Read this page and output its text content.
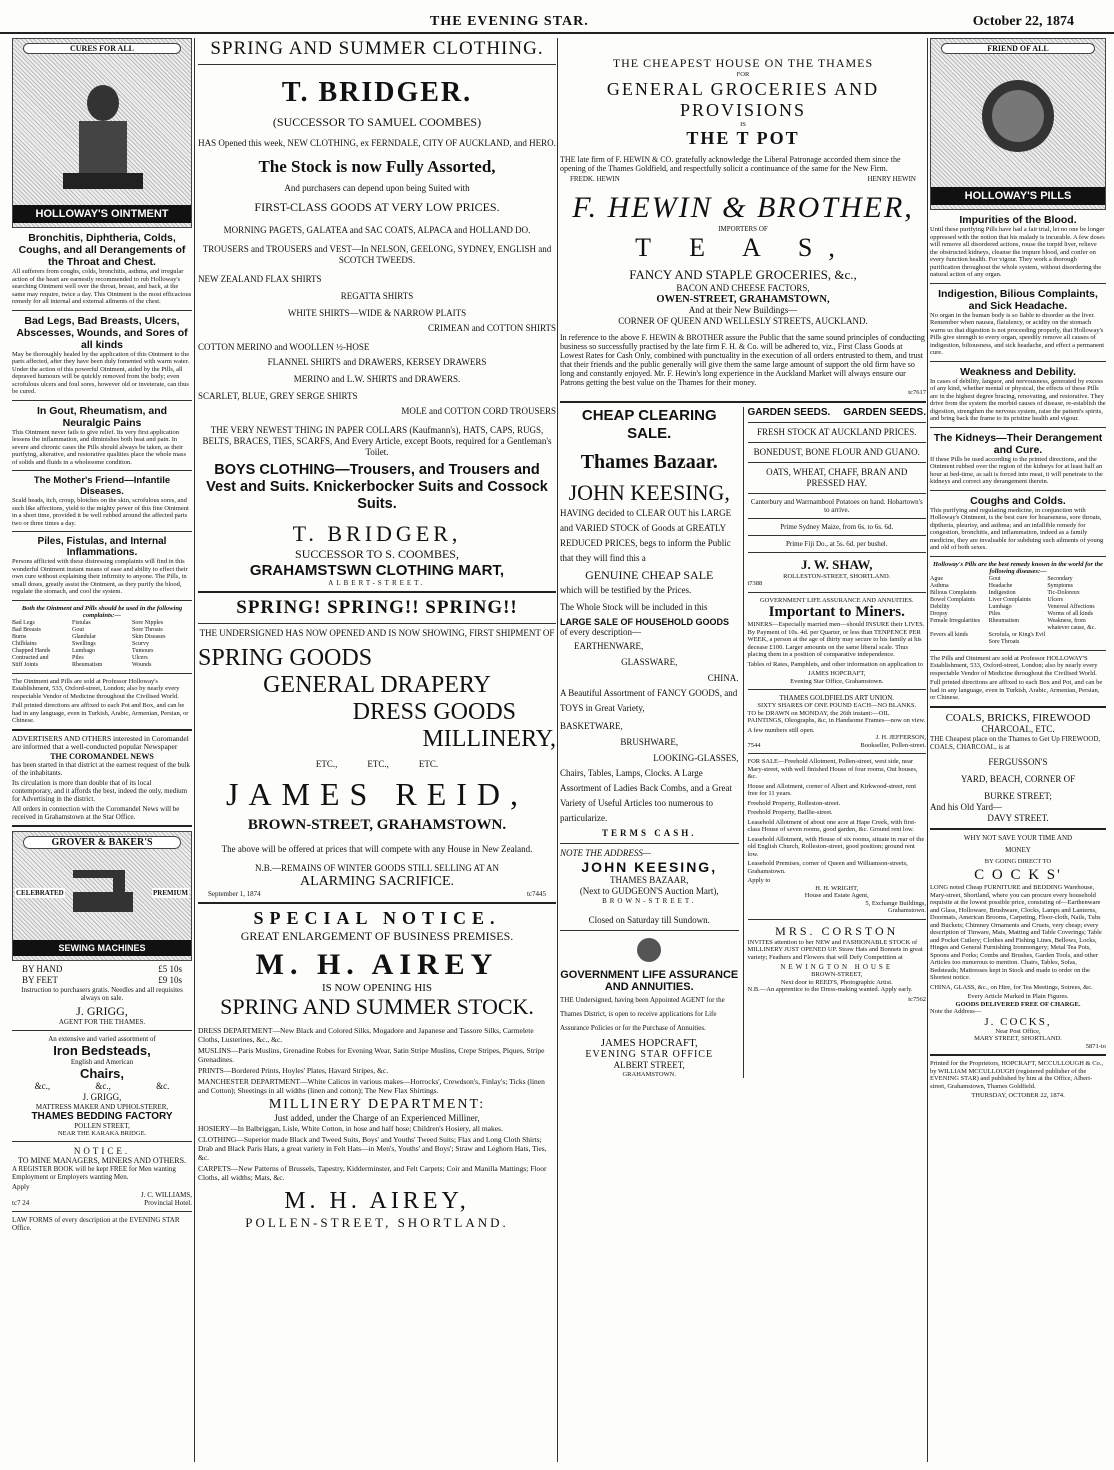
THE EVENING STAR.	October 22, 1874
CURES FOR ALL
HOLLOWAY'S OINTMENT
Bronchitis, Diphtheria, Colds, Coughs, and all Derangements of the Throat and Chest.

All sufferers from coughs, colds, bronchitis, asthma, and irregular action of the heart are earnestly recommended to rub Holloway's searching Ointment well over the throat, breast, and back, at the same may require, twice a day. This Ointment is the most efficacious remedy for all internal and external ailments of the chest.

Bad Legs, Bad Breasts, Ulcers, Abscesses, Wounds, and Sores of all kinds

May be thoroughly healed by the application of this Ointment to the parts affected, after they have been duly fomented with warm water. Under the action of this powerful Ointment, aided by the Pills, all depraved humours will be quickly removed from the body; even scrofulous ulcers and foul sores, however old or inveterate, can thus be cured.

In Gout, Rheumatism, and Neuralgic Pains

This Ointment never fails to give relief. Its very first application lessens the inflammation, and diminishes both heat and pain. In severe and chronic cases the Pills should always be taken, as their purifying, alterative, and restorative qualities place the whole mass of solids and fluids in a wholesome condition.

The Mother's Friend—Infantile Diseases.

Scald heads, itch, croup, blotches on the skin, scrofulous sores, and such like affections, yield to the mighty power of this fine Ointment in a short time, provided it be well rubbed around the affected parts two or three times a day.

Piles, Fistulas, and Internal Inflammations.

Persons afflicted with these distressing complaints will find in this wonderful Ointment instant means of ease and ability to effect their own cure without explaining their infirmity to anyone. The Pills, in small doses, greatly assist the Ointment, as they purify the blood, regulate the stomach, and cool the system.

Both the Ointment and Pills should be used in the following complaints:—
Bad Legs	Fistulas	Sore Nipples
Bad Breasts	Gout	Sore Throats
Burns	Glandular	Skin Diseases
Chilblains	Swellings	Scurvy
Chapped Hands	Lumbago	Tumours
Contracted and	Piles	Ulcers
Stiff Joints	Rheumatism	Wounds

The Ointment and Pills are sold at Professor Holloway's Establishment, 533, Oxford-street, London; also by nearly every respectable Vendor of Medicine throughout the Civilised World.

Full printed directions are affixed to each Pot and Box, and can be had in any language, even in Turkish, Arabic, Armenian, Persian, or Chinese.

ADVERTISERS AND OTHERS interested in Coromandel are informed that a well-conducted popular Newspaper

THE COROMANDEL NEWS

has been started in that district at the earnest request of the bulk of the inhabitants.

Its circulation is more than double that of its local contemporary, and it affords the best, indeed the only, medium for Advertising in the district.

All orders in connection with the Coromandel News will be received in Grahamstown at the Star Office.

GROVER & BAKER'S
CELEBRATED	PREMIUM
SEWING MACHINES
BY HAND	£5 10s
BY FEET	£9 10s

Instruction to purchasers gratis. Needles and all requisites always on sale.

J. GRIGG,
AGENT FOR THE THAMES.
An extensive and varied assortment of
Iron Bedsteads,
English and American
Chairs,
&c.,	&c.,	&c.
J. GRIGG,
MATTRESS MAKER AND UPHOLSTERER,
THAMES BEDDING FACTORY
POLLEN STREET,
NEAR THE KARAKA BRIDGE.
NOTICE.
TO MINE MANAGERS, MINERS AND OTHERS.

A REGISTER BOOK will be kept FREE for Men wanting Employment or Employers wanting Men.

Apply
J. C. WILLIAMS,
tc7 24	Provincial Hotel.

LAW FORMS of every description at the EVENING STAR Office.

SPRING AND SUMMER CLOTHING.
T. BRIDGER.
(SUCCESSOR TO SAMUEL COOMBES)

HAS Opened this week, NEW CLOTHING, ex FERNDALE, CITY OF AUCKLAND, and HERO.

The Stock is now Fully Assorted,
And purchasers can depend upon being Suited with
FIRST-CLASS GOODS AT VERY LOW PRICES.
MORNING PAGETS, GALATEA and SAC COATS, ALPACA and HOLLAND DO.
TROUSERS and TROUSERS and VEST—In NELSON, GEELONG, SYDNEY, ENGLISH and SCOTCH TWEEDS.
NEW ZEALAND FLAX SHIRTS
REGATTA SHIRTS
WHITE SHIRTS—WIDE & NARROW PLAITS
CRIMEAN and COTTON SHIRTS
COTTON MERINO and WOOLLEN ½-HOSE
FLANNEL SHIRTS and DRAWERS, KERSEY DRAWERS
MERINO and L.W. SHIRTS and DRAWERS.
SCARLET, BLUE, GREY SERGE SHIRTS
MOLE and COTTON CORD TROUSERS

THE VERY NEWEST THING IN PAPER COLLARS (Kaufmann's), HATS, CAPS, RUGS, BELTS, BRACES, TIES, SCARFS, And Every Article, except Boots, required for a Gentleman's Toilet.

BOYS CLOTHING—Trousers, and Trousers and Vest and Suits. Knickerbocker Suits and Cossock Suits.
T. BRIDGER,
SUCCESSOR TO S. COOMBES,
GRAHAMSTSWN CLOTHING MART,
ALBERT-STREET.
SPRING! SPRING!! SPRING!!

THE UNDERSIGNED HAS NOW OPENED AND IS NOW SHOWING, FIRST SHIPMENT OF

SPRING GOODS
GENERAL DRAPERY
DRESS GOODS
MILLINERY,
ETC.,	ETC.,	ETC.
JAMES REID,
BROWN-STREET, GRAHAMSTOWN.

The above will be offered at prices that will compete with any House in New Zealand.

N.B.—REMAINS OF WINTER GOODS STILL SELLING AT AN
ALARMING SACRIFICE.
September 1, 1874	tc7445
SPECIAL NOTICE.
GREAT ENLARGEMENT OF BUSINESS PREMISES.
M. H. AIREY
IS NOW OPENING HIS
SPRING AND SUMMER STOCK.

DRESS DEPARTMENT—New Black and Colored Silks, Mogadore and Japanese and Tassore Silks, Carmelete Cloths, Lusterines, &c., &c.

MUSLINS—Paris Muslins, Grenadine Robes for Evening Wear, Satin Stripe Muslins, Crepe Stripes, Piques, Stripe Grenadines.

PRINTS—Bordered Prints, Hoyles' Plates, Havard Stripes, &c.

MANCHESTER DEPARTMENT—White Calicos in various makes—Horrocks', Crewdson's, Finlay's; Ticks (linen and Cotton); Sheetings in all widths (linen and cotton); The New Flax Shirtings.

MILLINERY DEPARTMENT:
Just added, under the Charge of an Experienced Milliner,

HOSIERY—In Balbriggan, Lisle, White Cotton, in hose and half hose; Children's Hosiery, all makes.

CLOTHING—Superior made Black and Tweed Suits, Boys' and Youths' Tweed Suits; Flax and Long Cloth Shirts; Drab and Black Paris Hats, a great variety in Felt Hats—in Men's, Youths' and Boys'; Straw and Leghorn Hats, Ties, &c.

CARPETS—New Patterns of Brussels, Tapestry, Kidderminster, and Felt Carpets; Coir and Manilla Mattings; Floor Cloths, all widths; Mats, &c.

M. H. AIREY,
POLLEN-STREET, SHORTLAND.
THE CHEAPEST HOUSE ON THE THAMES
FOR
GENERAL GROCERIES AND PROVISIONS
IS
THE T POT

THE late firm of F. HEWIN & CO. gratefully acknowledge the Liberal Patronage accorded them since the opening of the Thames Goldfield, and respectfully solicit a continuance of the same for the New Firm.

FREDK. HEWIN	HENRY HEWIN
F. HEWIN & BROTHER,
IMPORTERS OF
T E A S,
FANCY AND STAPLE GROCERIES, &c.,
BACON AND CHEESE FACTORS,
OWEN-STREET, GRAHAMSTOWN,
And at their New Buildings—
CORNER OF QUEEN AND WELLESLY STREETS, AUCKLAND.

In reference to the above F. HEWIN & BROTHER assure the Public that the same sound principles of conducting business so successfully practised by the late firm F. H. & Co. will be adhered to, viz., First Class Goods at Lowest Rates for Cash Only, combined with punctuality in the execution of all orders entrusted to them, and trust that their friends and the public generally will give them the same large amount of support the old firm have so long and constantly enjoyed. Mr. F. Hewin's long experience in the Auckland Market will always ensure our Patrons getting the best value on the Thames for their money.

tc7617
CHEAP CLEARING SALE.
Thames Bazaar.
JOHN KEESING,

HAVING decided to CLEAR OUT his LARGE and VARIED STOCK of Goods at GREATLY REDUCED PRICES, begs to inform the Public that they will find this a

GENUINE CHEAP SALE

which will be testified by the Prices.

The Whole Stock will be included in this

LARGE SALE OF HOUSEHOLD GOODS
of every description—
EARTHENWARE,
GLASSWARE,
CHINA.

A Beautiful Assortment of FANCY GOODS, and TOYS in Great Variety,

BASKETWARE,
BRUSHWARE,
LOOKING-GLASSES,

Chairs, Tables, Lamps, Clocks. A Large Assortment of Ladies Back Combs, and a Great Variety of Useful Articles too numerous to particularize.

TERMS CASH.
NOTE THE ADDRESS—
JOHN KEESING,
THAMES BAZAAR,
(Next to GUDGEON'S Auction Mart),
BROWN-STREET.
Closed on Saturday till Sundown.
GOVERNMENT LIFE ASSURANCE AND ANNUITIES.

THE Undersigned, having been Appointed AGENT for the Thames District, is open to receive applications for Life Assurance Policies or for the Purchase of Annuities.

JAMES HOPCRAFT,
EVENING STAR OFFICE
ALBERT STREET,
GRAHAMSTOWN.
GARDEN SEEDS. GARDEN SEEDS.
FRESH STOCK AT AUCKLAND PRICES.
BONEDUST, BONE FLOUR AND GUANO.
OATS, WHEAT, CHAFF, BRAN AND PRESSED HAY.
Canterbury and Warrnambool Potatoes on hand. Hobartown's to arrive.
Prime Sydney Maize, from 6s. to 6s. 6d.
Prime Fiji Do., at 5s. 6d. per bushel.
J. W. SHAW,
ROLLESTON-STREET, SHORTLAND.
t7388
GOVERNMENT LIFE ASSURANCE AND ANNUITIES.
Important to Miners.

MINERS—Especially married men—should INSURE their LIVES. By Payment of 10s. 4d. per Quarter, or less than TENPENCE PER WEEK, a person at the age of thirty may secure to his family at his decease £100. Larger amounts on the same liberal scale. Thus placing them in a position of comparative independence.

Tables of Rates, Pamphlets, and other information on application to

JAMES HOPCRAFT,
Evening Star Office, Grahamstown.
THAMES GOLDFIELDS ART UNION.
SIXTY SHARES OF ONE POUND EACH—NO BLANKS.

TO be DRAWN on MONDAY, the 26th instant:—OIL PAINTINGS, Oleographs, &c, in Handsome Frames—now on view.

A few numbers still open.
J. H. JEFFERSON,
7544	Bookseller, Pollen-street.

FOR SALE—Freehold Allotment, Pollen-street, west side, near Mary-street, with well finished House of four rooms, Out houses, &c.

House and Allotment, corner of Albert and Kirkwood-street, rent free for 11 years.

Freehold Property, Rolleston-street.

Freehold Property, Baillie-street.

Leasehold Allotment of about one acre at Hape Creek, with first-class House of seven rooms, good garden, &c. Ground rent low.

Leasehold Allotment, with House of six rooms, situate in rear of the old English Church, Rolleston-street, good position; ground rent low.

Leasehold Premises, corner of Queen and Williamson-streets, Grahamstown.

Apply to
H. H. WRIGHT,
House and Estate Agent,
5, Exchange Buildings,
Grahamstown.
MRS. CORSTON

INVITES attention to her NEW and FASHIONABLE STOCK of MILLINERY JUST OPENED UP. Straw Hats and Bonnets in great variety; Feathers and Flowers that will Defy Competition at

NEWINGTON HOUSE
BROWN-STREET,
Next door to REED'S, Photographic Artist.

N.B.—An apprentice to the Dress-making wanted. Apply early.

tc7562
FRIEND OF ALL
HOLLOWAY'S PILLS
Impurities of the Blood.

Until these purifying Pills have had a fair trial, let no one be longer oppressed with the notion that his malady is incurable. A few doses will remove all disordered actions, rouse the torpid liver, relieve the obstructed kidneys, cleanse the impure blood, and confer on every function health. For vigour. They work a thorough purification throughout the whole system, without disordering the natural action of any organ.

Indigestion, Bilious Complaints, and Sick Headache.

No organ in the human body is so liable to disorder as the liver. Remember when nausea, flatulency, or acidity on the stomach warns us that digestion is not proceeding properly, that Holloway's Pills give strength to every organ, speedily remove all causes of indigestion, biliousness, and sick headache, and effect a permanent cure.

Weakness and Debility.

In cases of debility, languor, and nervousness, generated by excess of any kind, whether mental or physical, the effects of these Pills are in the highest degree bracing, renovating, and restorative. They drive from the system the morbid causes of disease, re-establish the digestion, strengthen the nervous system, raise the patient's spirits, and bring back the frame to its pristine health and vigour.

The Kidneys—Their Derangement and Cure.

If these Pills be used according to the printed directions, and the Ointment rubbed over the region of the kidneys for at least half an hour at bed-time, as salt is forced into meat, it will penetrate to the kidneys and correct any derangement therein.

Coughs and Colds.

This purifying and regulating medicine, in conjunction with Holloway's Ointment, is the best cure for hoarseness, sore throats, diptheria, pleurisy, and asthma; and an infallible remedy for congestion, bronchitis, and inflammation, indeed as a family medicine, they are invaluable for subduing such ailments of young and old of both sexes.

Holloway's Pills are the best remedy known in the world for the following diseases:—
Ague	Gout	Secondary
Asthma	Headache	Symptoms
Bilious Complaints	Indigestion	Tic-Doloreux
Bowel Complaints	Liver Complaints	Ulcers
Debility	Lumbago	Venereal Affections
Dropsy	Piles	Worms of all kinds
Female Irregularities	Rheumatism	Weakness, from whatever cause, &c.
Fevers all kinds	Scrofula, or King's Evil
Sore Throats

The Pills and Ointment are sold at Professor HOLLOWAY'S Establishment, 533, Oxford-street, London; also by nearly every respectable Vendor of Medicine throughout the Civilised World.

Full printed directions are affixed to each Box and Pot, and can be had in any language, even in Turkish, Arabic, Armenian, Persian, or Chinese.

COALS, BRICKS, FIREWOOD
CHARCOAL, ETC.

THE Cheapest place on the Thames to Get Up FIREWOOD, COALS, CHARCOAL, is at

FERGUSSON'S
YARD, BEACH, CORNER OF
BURKE STREET;
And his Old Yard—
DAVY STREET.
WHY NOT SAVE YOUR TIME AND
MONEY
BY GOING DIRECT TO
C O C K S'

LONG noted Cheap FURNITURE and BEDDING Warehouse, Mary-street, Shortland, where you can procure every household requisite at the lowest possible price, consisting of—Earthenware and Glass, Holloware, Brushware, Clocks, Lamps and Lanterns, Doormats, American Brooms, Carpeting, Floor-cloth, Nails, Tubs and Buckets; Chimney Ornaments and Cruets, very cheap; every description of Tinware, Mats, Matting and Table Coverings; Table and Pocket Cutlery; Clothes and Fishing Lines, Bellows, Locks, Hinges and General Furnishing Ironmongery; Metal Tea Pots, Spoons and Forks; Combs and Brushes, Garden Tools, and other Articles too numerous to mention. Chairs, Tables, Sofas, Bedsteads; Mattresses kept in Stock and made to order on the Shortest notice.

CHINA, GLASS, &c., on Hire, for Tea Meetings, Soirees, &c.

Every Article Marked in Plain Figures.
GOODS DELIVERED FREE OF CHARGE.
Note the Address—
J. COCKS,
Near Post Office,
MARY STREET, SHORTLAND.
5871-to

Printed for the Proprietors, HOPCRAFT, MCCULLOUGH & Co., by WILLIAM MCCULLOUGH (registered publisher of the EVENING STAR) and published by him at the Office, Albert-street, Grahamstown, Thames Goldfield.

THURSDAY, OCTOBER 22, 1874.
